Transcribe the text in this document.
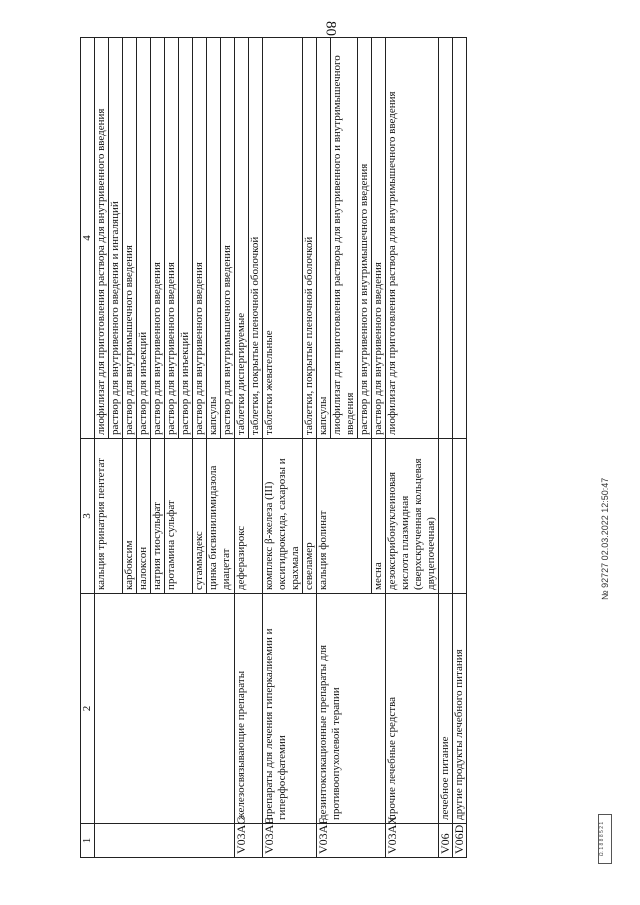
80
1	2	3	4
		кальция тринатрия пентетат	лиофилизат для приготовления раствора для внутривенного введения
			раствор для внутривенного введения и ингаляций
		карбоксим	раствор для внутримышечного введения
		налоксон	раствор для инъекций
		натрия тиосульфат	раствор для внутривенного введения
		протамина сульфат	раствор для внутривенного введения
			раствор для инъекций
		сугаммадекс	раствор для внутривенного введения
		цинка бисвинилимидазола диацетат	капсулы
			раствор для внутримышечного введения
V03AC	железосвязывающие препараты	деферазирокс	таблетки диспергируемые
			таблетки, покрытые пленочной оболочкой
V03AE	препараты для лечения гиперкалиемии и гиперфосфатемии	комплекс β-железа (III) оксигидроксида, сахарозы и крахмала	таблетки жевательные
		севеламер	таблетки, покрытые пленочной оболочкой
V03AF	дезинтоксикационные препараты для противоопухолевой терапии	кальция фолинат	капсулы
			лиофилизат для приготовления раствора для внутривенного и внутримышечного введения
			раствор для внутривенного и внутримышечного введения
		месна	раствор для внутривенного введения
V03AX	прочие лечебные средства	дезоксирибонуклеиновая кислота плазмидная (сверхскрученная кольцевая двуцепочечная)	лиофилизат для приготовления раствора для внутримышечного введения
V06	лечебное питание		
V06D	другие продукты лечебного питания		
№ 92727 02.03.2022 12:50:47
Ω. 1 8 8 8 5 2 1
